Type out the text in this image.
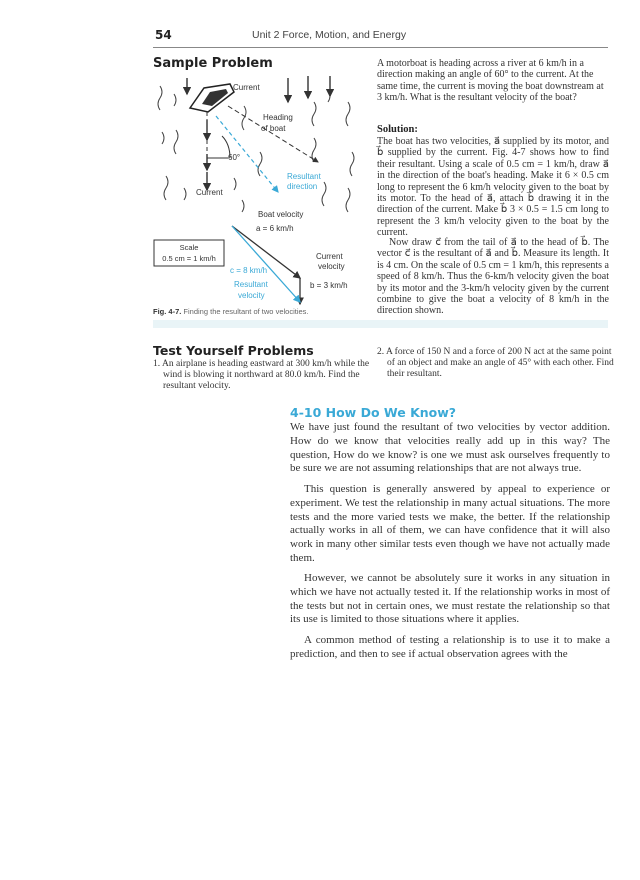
54	Unit 2 Force, Motion, and Energy
Sample Problem
Current
Heading
of boat
60°
Resultant
direction
Current
Boat velocity
a = 6 km/h
Scale
0.5 cm = 1 km/h	Current
velocity
b = 3 km/h
c = 8 km/h
Resultant
velocity
Fig. 4-7. Finding the resultant of two velocities.
A motorboat is heading across a river at 6 km/h in a direction making an angle of 60° to the current. At the same time, the current is moving the boat downstream at 3 km/h. What is the resultant velocity of the boat?
Solution:
The boat has two velocities, a⃗ supplied by its motor, and b⃗ supplied by the current. Fig. 4-7 shows how to find their resultant. Using a scale of 0.5 cm = 1 km/h, draw a⃗ in the direction of the boat's heading. Make it 6 × 0.5 cm long to represent the 6 km/h velocity given to the boat by its motor. To the head of a⃗, attach b⃗ drawing it in the direction of the current. Make b⃗ 3 × 0.5 = 1.5 cm long to represent the 3 km/h velocity given to the boat by the current.
Now draw c⃗ from the tail of a⃗ to the head of b⃗. The vector c⃗ is the resultant of a⃗ and b⃗. Measure its length. It is 4 cm. On the scale of 0.5 cm = 1 km/h, this represents a speed of 8 km/h. Thus the 6-km/h velocity given the boat by its motor and the 3-km/h velocity given by the current combine to give the boat a velocity of 8 km/h in the direction shown.
Test Yourself Problems
1. An airplane is heading eastward at 300 km/h while the wind is blowing it northward at 80.0 km/h. Find the resultant velocity.
2. A force of 150 N and a force of 200 N act at the same point of an object and make an angle of 45° with each other. Find their resultant.
4-10 How Do We Know?
We have just found the resultant of two velocities by vector addition. How do we know that velocities really add up in this way? The question, How do we know? is one we must ask ourselves frequently to be sure we are not assuming relationships that are not always true.
This question is generally answered by appeal to experience or experiment. We test the relationship in many actual situations. The more tests and the more varied tests we make, the better. If the relationship actually works in all of them, we can have confidence that it will also work in many other similar tests even though we have not actually made them.
However, we cannot be absolutely sure it works in any situation in which we have not actually tested it. If the relationship works in most of the tests but not in certain ones, we must restate the relationship so that its use is limited to those situations where it applies.
A common method of testing a relationship is to use it to make a prediction, and then to see if actual observation agrees with the
